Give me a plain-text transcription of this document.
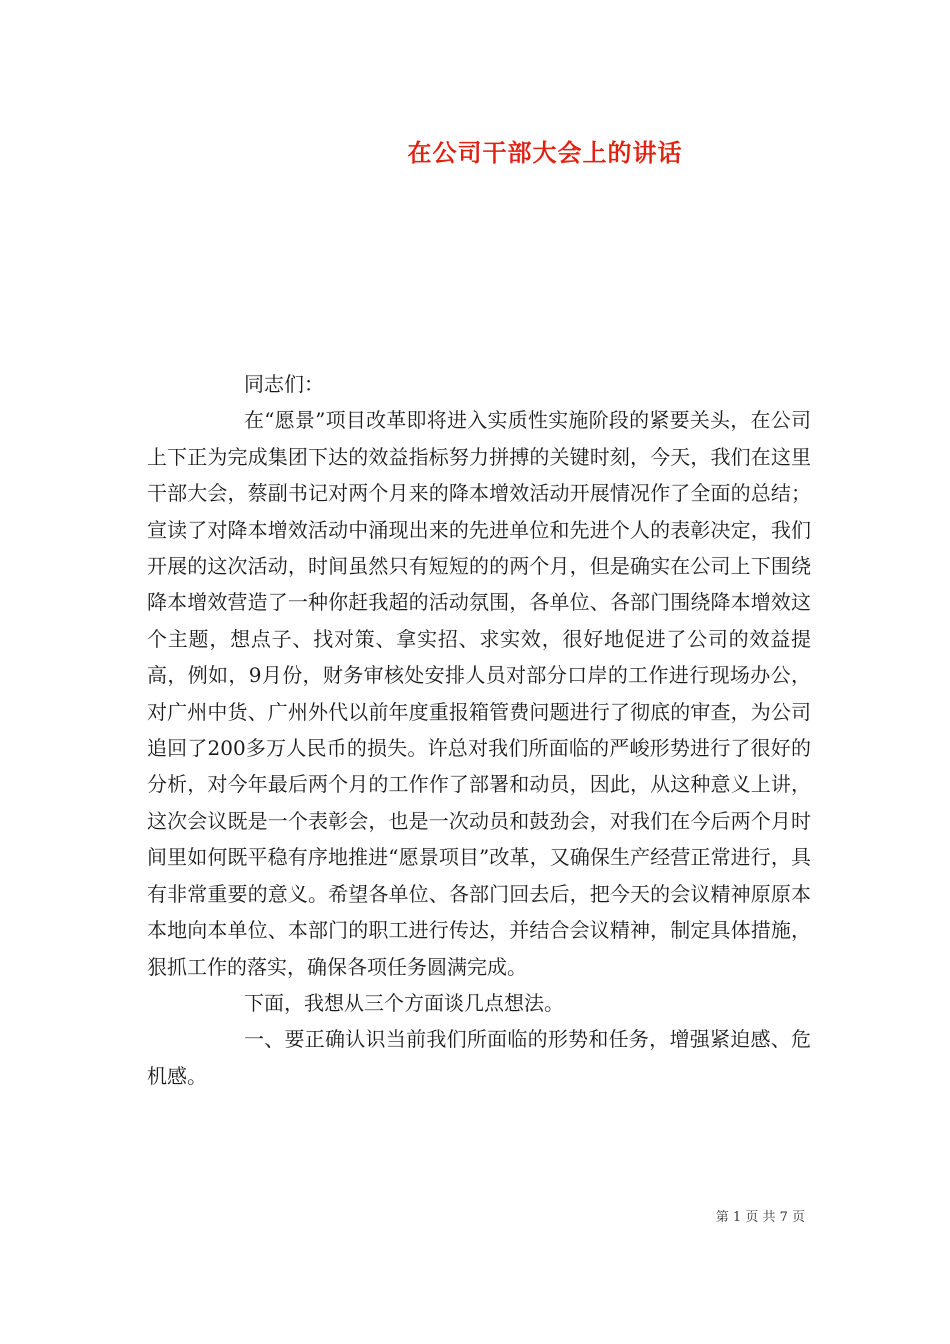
在公司干部大会上的讲话

同志们：

在“愿景”项目改革即将进入实质性实施阶段的紧要关头，在公司上下正为完成集团下达的效益指标努力拼搏的关键时刻，今天，我们在这里干部大会，蔡副书记对两个月来的降本增效活动开展情况作了全面的总结；宣读了对降本增效活动中涌现出来的先进单位和先进个人的表彰决定，我们开展的这次活动，时间虽然只有短短的的两个月，但是确实在公司上下围绕降本增效营造了一种你赶我超的活动氛围，各单位、各部门围绕降本增效这个主题，想点子、找对策、拿实招、求实效，很好地促进了公司的效益提高，例如，9月份，财务审核处安排人员对部分口岸的工作进行现场办公，对广州中货、广州外代以前年度重报箱管费问题进行了彻底的审查，为公司追回了200多万人民币的损失。许总对我们所面临的严峻形势进行了很好的分析，对今年最后两个月的工作作了部署和动员，因此，从这种意义上讲，这次会议既是一个表彰会，也是一次动员和鼓劲会，对我们在今后两个月时间里如何既平稳有序地推进“愿景项目”改革，又确保生产经营正常进行，具有非常重要的意义。希望各单位、各部门回去后，把今天的会议精神原原本本地向本单位、本部门的职工进行传达，并结合会议精神，制定具体措施，狠抓工作的落实，确保各项任务圆满完成。

下面，我想从三个方面谈几点想法。

一、要正确认识当前我们所面临的形势和任务，增强紧迫感、危机感。

第 1 页 共 7 页
